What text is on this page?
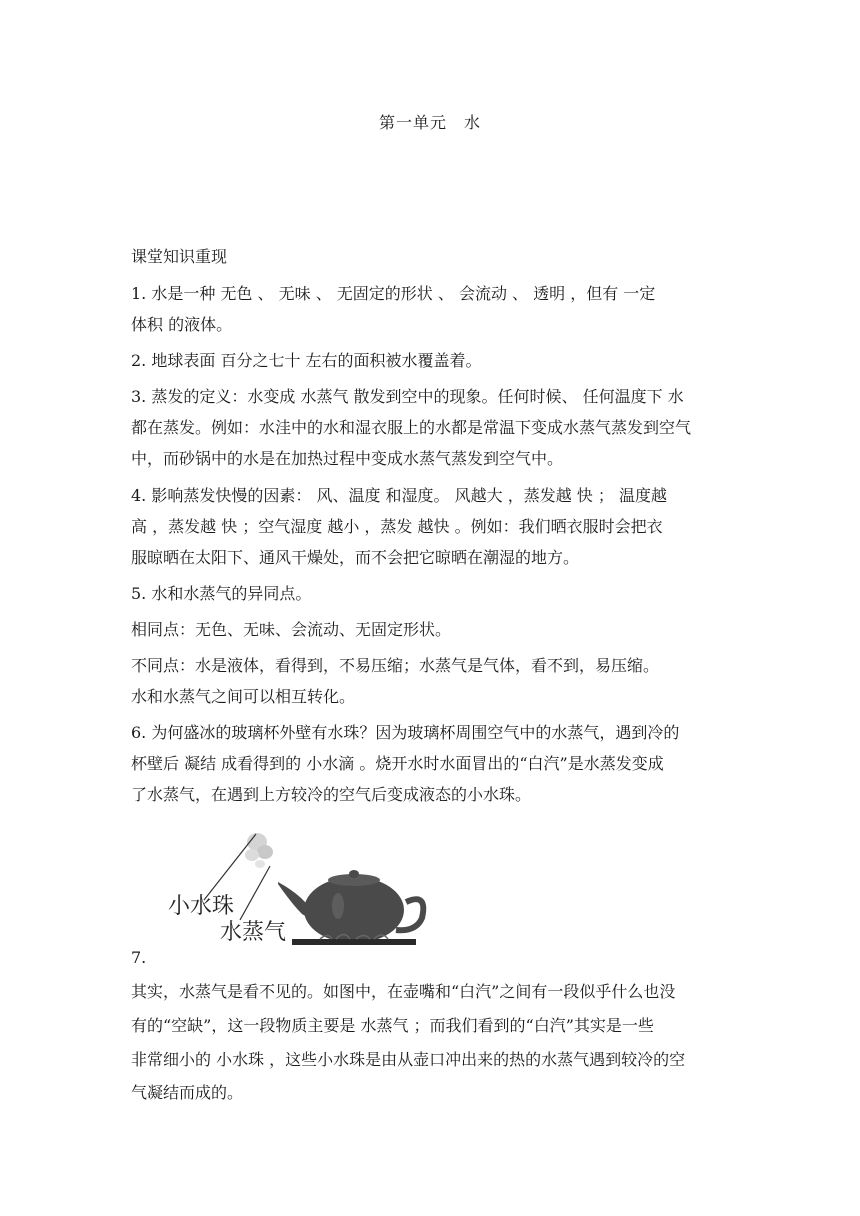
第一单元　水
课堂知识重现
1. 水是一种 无色 、 无味 、 无固定的形状 、 会流动 、 透明 ，但有 一定
体积 的液体。
2. 地球表面 百分之七十 左右的面积被水覆盖着。
3. 蒸发的定义：水变成 水蒸气 散发到空中的现象。任何时候、 任何温度下 水
都在蒸发。例如：水洼中的水和湿衣服上的水都是常温下变成水蒸气蒸发到空气
中，而砂锅中的水是在加热过程中变成水蒸气蒸发到空气中。
4. 影响蒸发快慢的因素： 风、温度 和湿度。 风越大 ，蒸发越 快 ； 温度越
高 ，蒸发越 快 ；空气湿度 越小 ，蒸发 越快 。例如：我们晒衣服时会把衣
服晾晒在太阳下、通风干燥处，而不会把它晾晒在潮湿的地方。
5. 水和水蒸气的异同点。
相同点：无色、无味、会流动、无固定形状。
不同点：水是液体，看得到，不易压缩；水蒸气是气体，看不到，易压缩。
水和水蒸气之间可以相互转化。
6. 为何盛冰的玻璃杯外壁有水珠？因为玻璃杯周围空气中的水蒸气，遇到冷的
杯壁后 凝结 成看得到的 小水滴 。烧开水时水面冒出的“白汽”是水蒸发变成
了水蒸气，在遇到上方较冷的空气后变成液态的小水珠。
小水珠
水蒸气
7.
其实，水蒸气是看不见的。如图中，在壶嘴和“白汽”之间有一段似乎什么也没
有的“空缺”，这一段物质主要是 水蒸气 ；而我们看到的“白汽”其实是一些
非常细小的 小水珠 ，这些小水珠是由从壶口冲出来的热的水蒸气遇到较冷的空
气凝结而成的。
